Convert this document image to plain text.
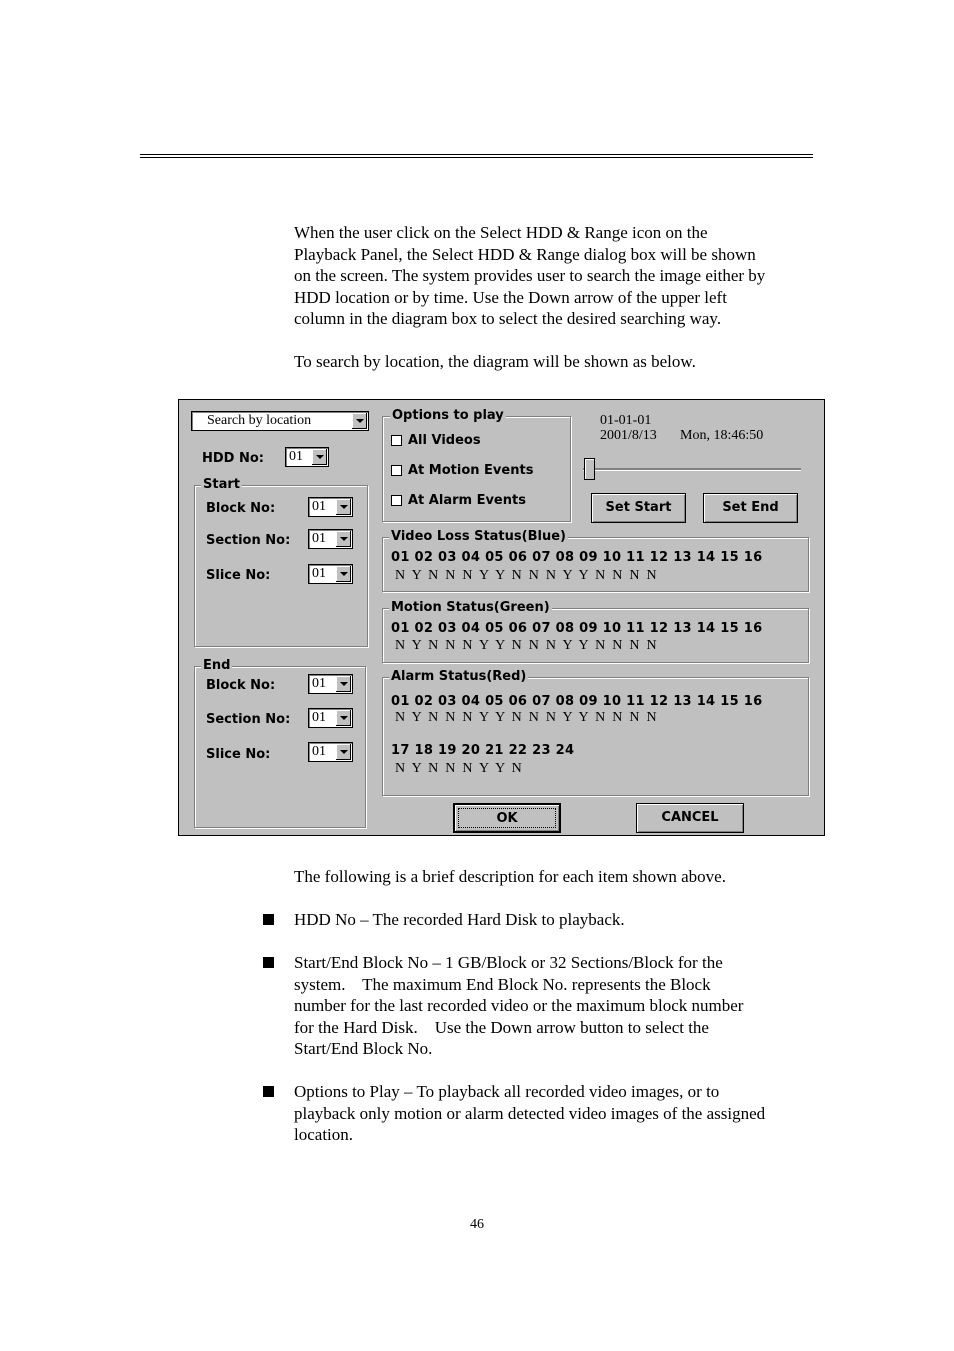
When the user click on the Select HDD & Range icon on the
Playback Panel, the Select HDD & Range dialog box will be shown
on the screen. The system provides user to search the image either by
HDD location or by time. Use the Down arrow of the upper left
column in the diagram box to select the desired searching way.
To search by location, the diagram will be shown as below.
Search by location
HDD No: 01
Start
Block No:	01
Section No: 01
Slice No:	01
End
Block No:	01
Section No: 01
Slice No:	01
Options to play
All Videos
At Motion Events
At Alarm Events
01-01-01
2001/8/13 Mon, 18:46:50
Set Start	Set End
Video Loss Status(Blue)
01 02 03 04 05 06 07 08 09 10 11 12 13 14 15 16
N  Y  N  N  N  Y  Y  N  N  N  Y  Y  N  N  N  N
Motion Status(Green)
01 02 03 04 05 06 07 08 09 10 11 12 13 14 15 16
N  Y  N  N  N  Y  Y  N  N  N  Y  Y  N  N  N  N
Alarm Status(Red)
01 02 03 04 05 06 07 08 09 10 11 12 13 14 15 16
N  Y  N  N  N  Y  Y  N  N  N  Y  Y  N  N  N  N
17 18 19 20 21 22 23 24
N  Y  N  N  N  Y  Y  N
OK	CANCEL
The following is a brief description for each item shown above.
HDD No – The recorded Hard Disk to playback.
Start/End Block No – 1 GB/Block or 32 Sections/Block for the
system.    The maximum End Block No. represents the Block
number for the last recorded video or the maximum block number
for the Hard Disk.    Use the Down arrow button to select the
Start/End Block No.
Options to Play – To playback all recorded video images, or to
playback only motion or alarm detected video images of the assigned
location.
46
